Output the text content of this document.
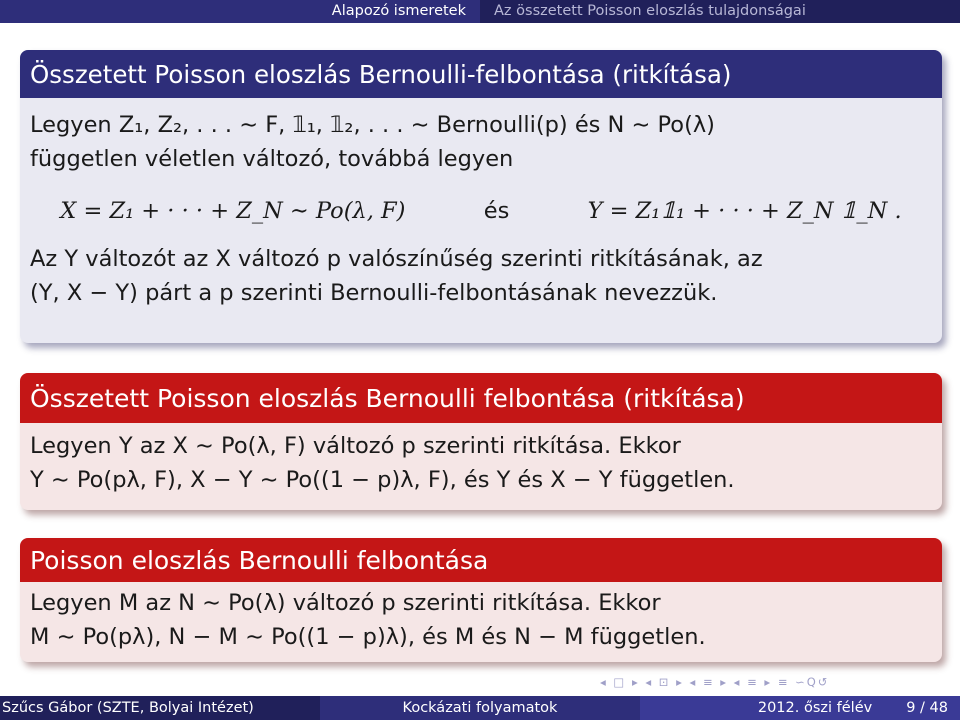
Alapozó ismeretek	Az összetett Poisson eloszlás tulajdonságai
Összetett Poisson eloszlás Bernoulli-felbontása (ritkítása)
Legyen Z₁, Z₂, . . . ∼ F, 𝟙₁, 𝟙₂, . . . ∼ Bernoulli(p) és N ∼ Po(λ)
független véletlen változó, továbbá legyen
X = Z₁ + · · · + Z_N ∼ Po(λ, F)	és	Y = Z₁𝟙₁ + · · · + Z_N 𝟙_N .
Az Y változót az X változó p valószínűség szerinti ritkításának, az
(Y, X − Y) párt a p szerinti Bernoulli-felbontásának nevezzük.
Összetett Poisson eloszlás Bernoulli felbontása (ritkítása)
Legyen Y az X ∼ Po(λ, F) változó p szerinti ritkítása. Ekkor
Y ∼ Po(pλ, F), X − Y ∼ Po((1 − p)λ, F), és Y és X − Y független.
Poisson eloszlás Bernoulli felbontása
Legyen M az N ∼ Po(λ) változó p szerinti ritkítása. Ekkor
M ∼ Po(pλ), N − M ∼ Po((1 − p)λ), és M és N − M független.
◂ □ ▸ ◂ ⊡ ▸ ◂ ≡ ▸ ◂ ≡ ▸ ≡ ∽Q↺
Szűcs Gábor (SZTE, Bolyai Intézet)	Kockázati folyamatok	2012. őszi félév 9 / 48
